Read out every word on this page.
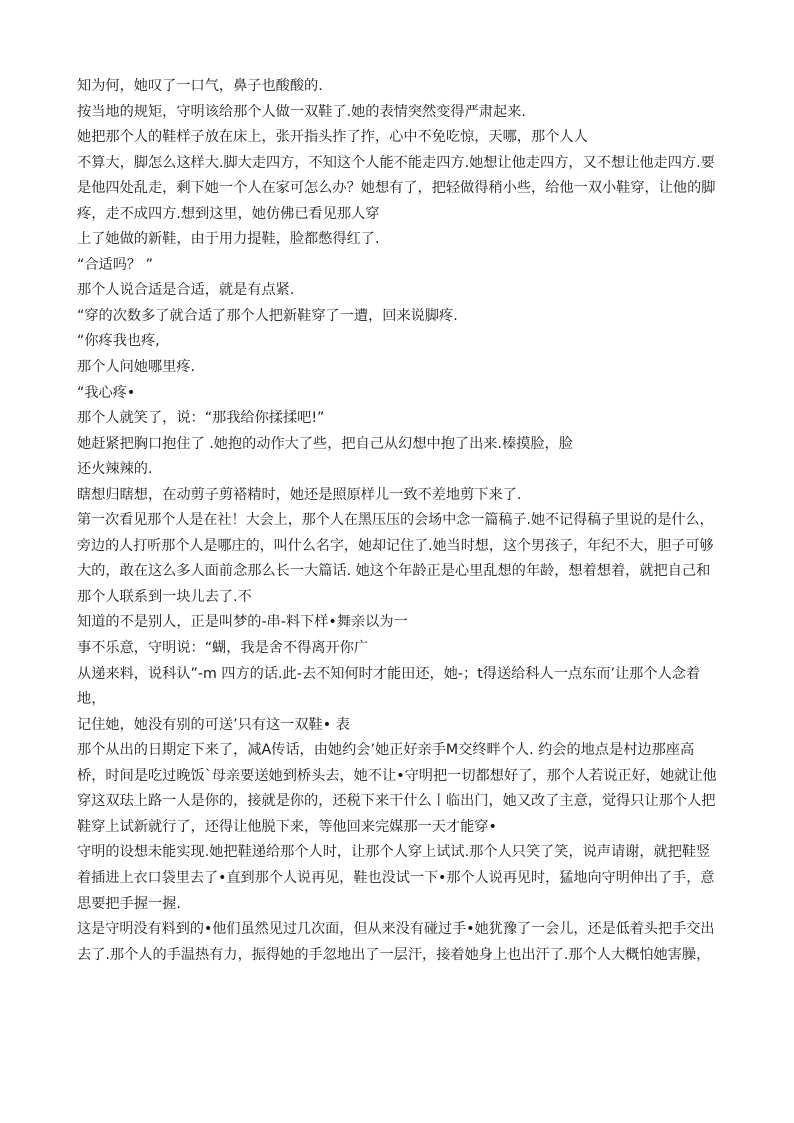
知为何，她叹了一口气，鼻子也酸酸的.
按当地的规矩，守明该给那个人做一双鞋了.她的表情突然变得严肃起来.
她把那个人的鞋样子放在床上，张开指头拃了拃，心中不免吃惊，天哪，那个人人
不算大，脚怎么这样大.脚大走四方，不知这个人能不能走四方.她想让他走四方，又不想让他走四方.要
是他四处乱走，剩下她一个人在家可怎么办？她想有了，把轻做得稍小些，给他一双小鞋穿，让他的脚
疼，走不成四方.想到这里，她仿佛已看见那人穿
上了她做的新鞋，由于用力提鞋，脸都憋得红了.
“合适吗？ ”
那个人说合适是合适，就是有点紧.
“穿的次数多了就合适了那个人把新鞋穿了一遭，回来说脚疼.
“你疼我也疼,
那个人问她哪里疼.
“我心疼•
那个人就笑了，说：“那我给你揉揉吧!”
她赶紧把胸口抱住了 .她抱的动作大了些，把自己从幻想中抱了出来.榛摸脸，脸
还火辣辣的.
瞎想归瞎想，在动剪子剪褡精时，她还是照原样儿一致不差地剪下来了.
第一次看见那个人是在社！大会上，那个人在黑压压的会场中念一篇稿子.她不记得稿子里说的是什么，
旁边的人打听那个人是哪庄的，叫什么名字，她却记住了.她当时想，这个男孩子，年纪不大，胆子可够
大的，敢在这么多人面前念那么长一大篇话. 她这个年龄正是心里乱想的年龄，想着想着，就把自己和
那个人联系到一块儿去了.不
知道的不是别人，正是叫梦的-串-料下样•舞亲以为一
事不乐意，守明说：“蝴，我是舍不得离开你广
从递来料，说科认”-m 四方的话.此-去不知何时才能田还，她-；t得送给科人一点东而’让那个人念着
地，
记住她，她没有别的可送’只有这一双鞋• 表
那个从出的日期定下来了，减A传话，由她约会’她正好亲手M交终畔个人. 约会的地点是村边那座高
桥，时间是吃过晚饭`母亲要送她到桥头去，她不让•守明把一切都想好了，那个人若说正好，她就让他
穿这双珐上路一人是你的，接就是你的，还税下来干什么丨临出门，她又改了主意，觉得只让那个人把
鞋穿上试新就行了，还得让他脱下来，等他回来完媒那一天才能穿•
守明的设想未能实现.她把鞋递给那个人时，让那个人穿上试试.那个人只笑了笑，说声请谢，就把鞋竖
着插进上衣口袋里去了•直到那个人说再见，鞋也没试一下•那个人说再见时，猛地向守明伸出了手，意
思要把手握一握.
这是守明没有料到的•他们虽然见过几次面，但从来没有碰过手•她犹豫了一会儿，还是低着头把手交出
去了.那个人的手温热有力，振得她的手忽地出了一层汗，接着她身上也出汗了.那个人大概怕她害臊，
